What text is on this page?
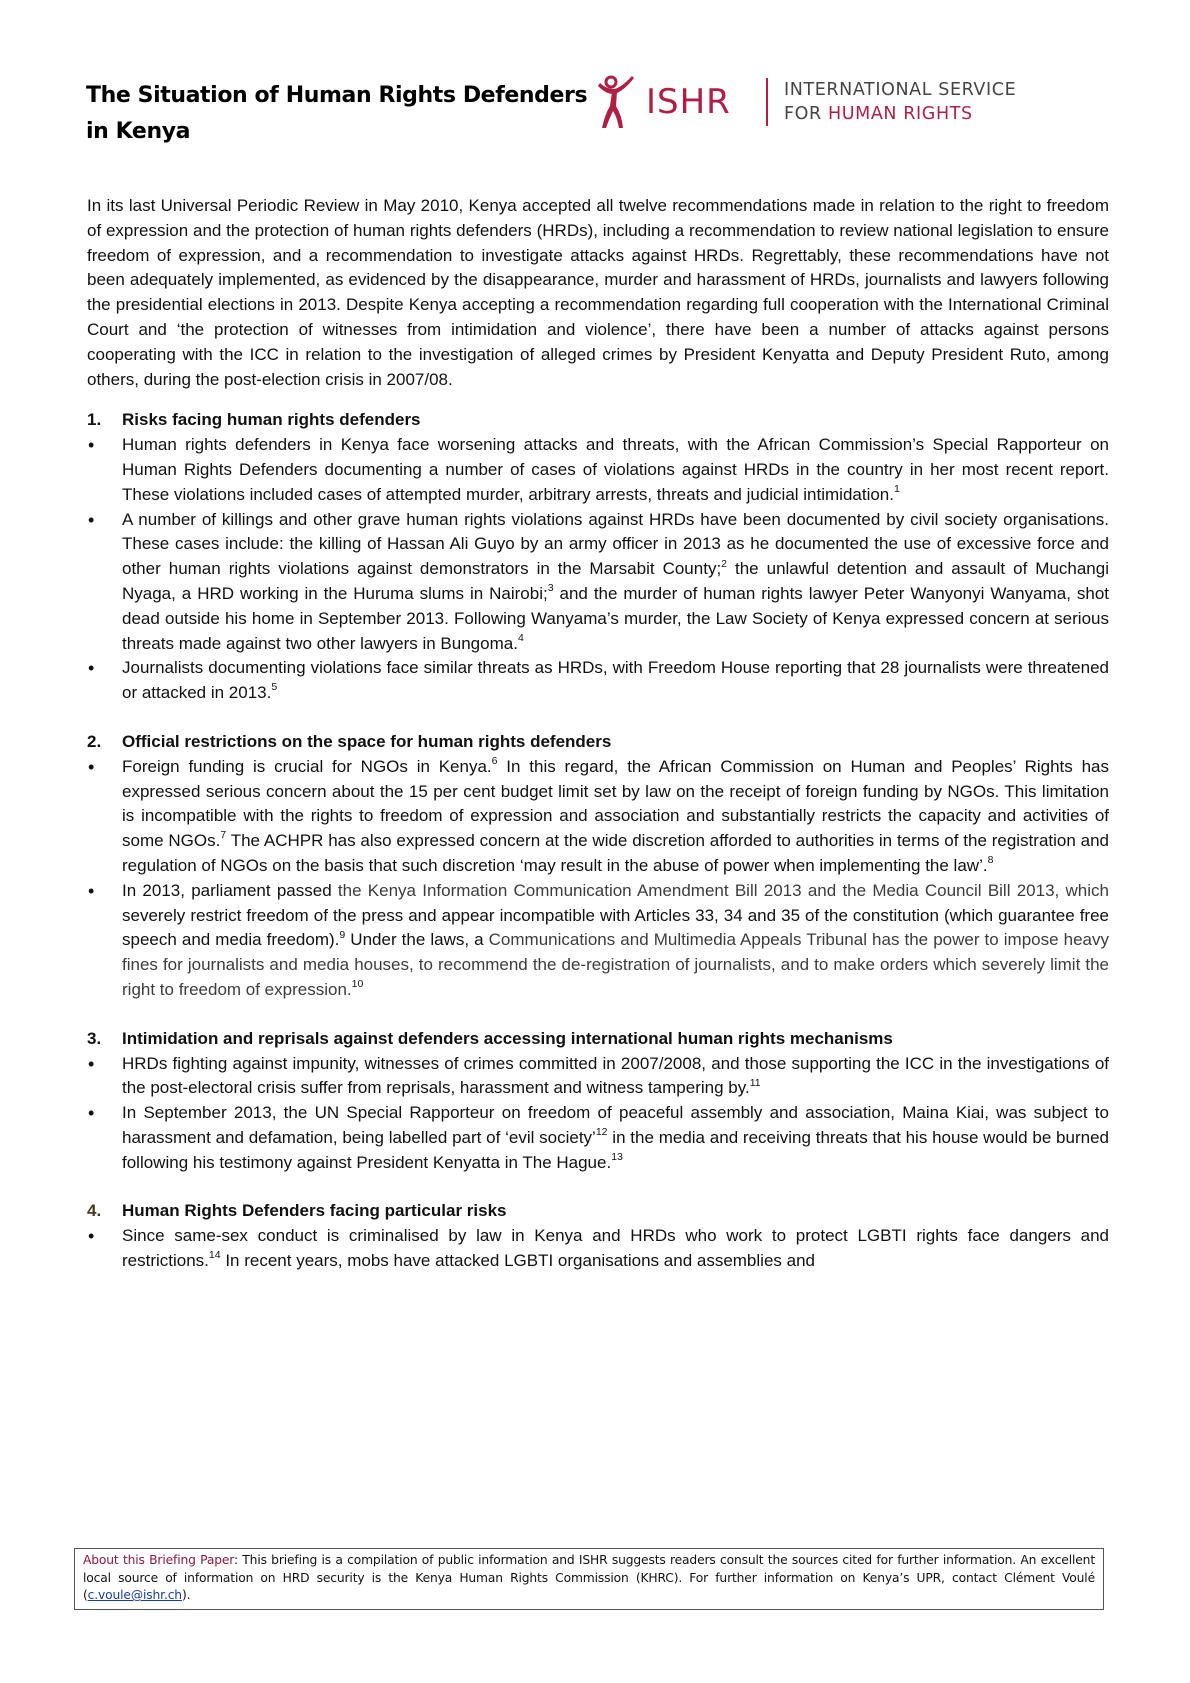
The Situation of Human Rights Defenders
in Kenya
ISHR	INTERNATIONAL SERVICE
FOR HUMAN RIGHTS

In its last Universal Periodic Review in May 2010, Kenya accepted all twelve recommendations made in relation to the right to freedom of expression and the protection of human rights defenders (HRDs), including a recommendation to review national legislation to ensure freedom of expression, and a recommendation to investigate attacks against HRDs. Regrettably, these recommendations have not been adequately implemented, as evidenced by the disappearance, murder and harassment of HRDs, journalists and lawyers following the presidential elections in 2013. Despite Kenya accepting a recommendation regarding full cooperation with the International Criminal Court and ‘the protection of witnesses from intimidation and violence’, there have been a number of attacks against persons cooperating with the ICC in relation to the investigation of alleged crimes by President Kenyatta and Deputy President Ruto, among others, during the post-election crisis in 2007/08.

1.	Risks facing human rights defenders
• Human rights defenders in Kenya face worsening attacks and threats, with the African Commission’s Special Rapporteur on Human Rights Defenders documenting a number of cases of violations against HRDs in the country in her most recent report. These violations included cases of attempted murder, arbitrary arrests, threats and judicial intimidation.$^1$
• A number of killings and other grave human rights violations against HRDs have been documented by civil society organisations. These cases include: the killing of Hassan Ali Guyo by an army officer in 2013 as he documented the use of excessive force and other human rights violations against demonstrators in the Marsabit County;$^2$ the unlawful detention and assault of Muchangi Nyaga, a HRD working in the Huruma slums in Nairobi;$^3$ and the murder of human rights lawyer Peter Wanyonyi Wanyama, shot dead outside his home in September 2013. Following Wanyama’s murder, the Law Society of Kenya expressed concern at serious threats made against two other lawyers in Bungoma.$^4$
• Journalists documenting violations face similar threats as HRDs, with Freedom House reporting that 28 journalists were threatened or attacked in 2013.$^5$
2.	Official restrictions on the space for human rights defenders
• Foreign funding is crucial for NGOs in Kenya.$^6$ In this regard, the African Commission on Human and Peoples’ Rights has expressed serious concern about the 15 per cent budget limit set by law on the receipt of foreign funding by NGOs. This limitation is incompatible with the rights to freedom of expression and association and substantially restricts the capacity and activities of some NGOs.$^7$ The ACHPR has also expressed concern at the wide discretion afforded to authorities in terms of the registration and regulation of NGOs on the basis that such discretion ‘may result in the abuse of power when implementing the law’.$^8$
• In 2013, parliament passed the Kenya Information Communication Amendment Bill 2013 and the Media Council Bill 2013, which severely restrict freedom of the press and appear incompatible with Articles 33, 34 and 35 of the constitution (which guarantee free speech and media freedom).$^9$ Under the laws, a Communications and Multimedia Appeals Tribunal has the power to impose heavy fines for journalists and media houses, to recommend the de-registration of journalists, and to make orders which severely limit the right to freedom of expression.$^{10}$
3.	Intimidation and reprisals against defenders accessing international human rights mechanisms
• HRDs fighting against impunity, witnesses of crimes committed in 2007/2008, and those supporting the ICC in the investigations of the post-electoral crisis suffer from reprisals, harassment and witness tampering by.$^{11}$
• In September 2013, the UN Special Rapporteur on freedom of peaceful assembly and association, Maina Kiai, was subject to harassment and defamation, being labelled part of ‘evil society’$^{12}$ in the media and receiving threats that his house would be burned following his testimony against President Kenyatta in The Hague.$^{13}$
4.	Human Rights Defenders facing particular risks
• Since same-sex conduct is criminalised by law in Kenya and HRDs who work to protect LGBTI rights face dangers and restrictions.$^{14}$ In recent years, mobs have attacked LGBTI organisations and assemblies and
About this Briefing Paper: This briefing is a compilation of public information and ISHR suggests readers consult the sources cited for further information. An excellent local source of information on HRD security is the Kenya Human Rights Commission (KHRC). For further information on Kenya’s UPR, contact Clément Voulé (c.voule@ishr.ch).
